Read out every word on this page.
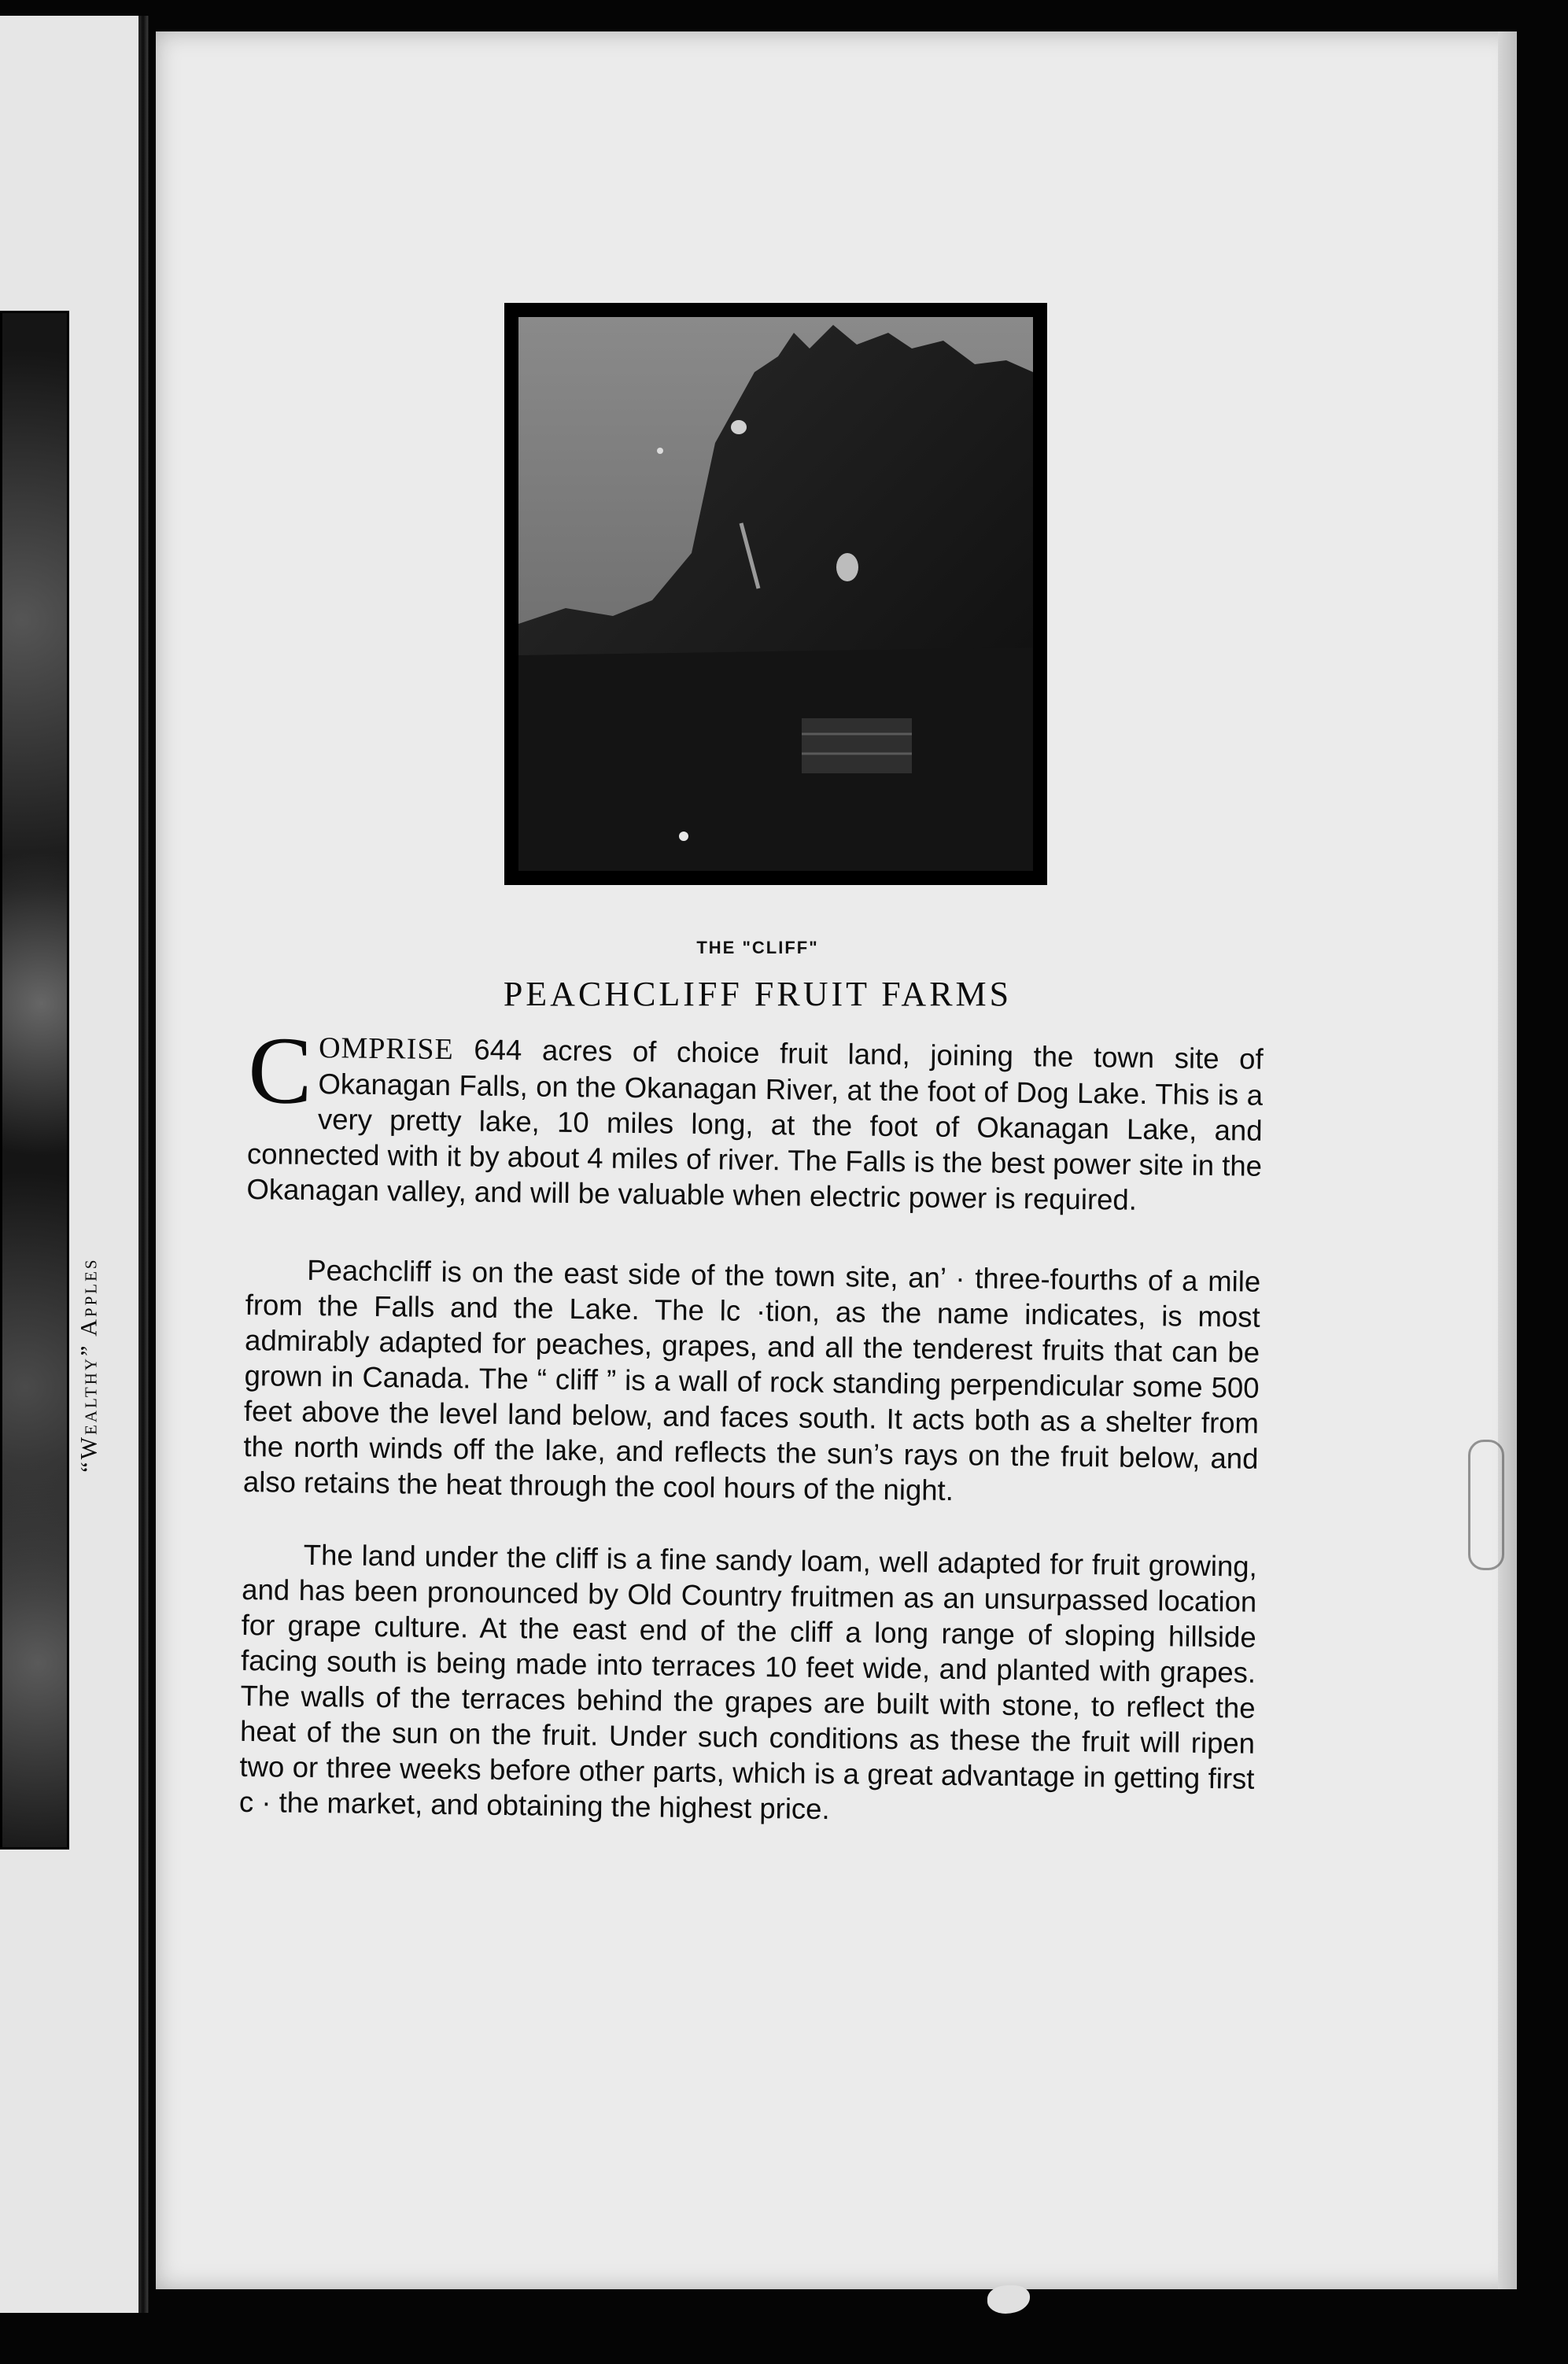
“Wealthy” Apples
THE "CLIFF"
PEACHCLIFF FRUIT FARMS

COMPRISE 644 acres of choice fruit land, joining the town site of Okanagan Falls, on the Okanagan River, at the foot of Dog Lake. This is a very pretty lake, 10 miles long, at the foot of Okanagan Lake, and connected with it by about 4 miles of river. The Falls is the best power site in the Okanagan valley, and will be valuable when electric power is required.

Peachcliff is on the east side of the town site, an’ · three-fourths of a mile from the Falls and the Lake. The lc ·tion, as the name indicates, is most admirably adapted for peaches, grapes, and all the tenderest fruits that can be grown in Canada. The “ cliff ” is a wall of rock standing perpendicular some 500 feet above the level land below, and faces south. It acts both as a shelter from the north winds off the lake, and reflects the sun’s rays on the fruit below, and also retains the heat through the cool hours of the night.

The land under the cliff is a fine sandy loam, well adapted for fruit growing, and has been pronounced by Old Country fruitmen as an unsurpassed location for grape culture. At the east end of the cliff a long range of sloping hillside facing south is being made into terraces 10 feet wide, and planted with grapes. The walls of the terraces behind the grapes are built with stone, to reflect the heat of the sun on the fruit. Under such conditions as these the fruit will ripen two or three weeks before other parts, which is a great advantage in getting first c · the market, and obtaining the highest price.
